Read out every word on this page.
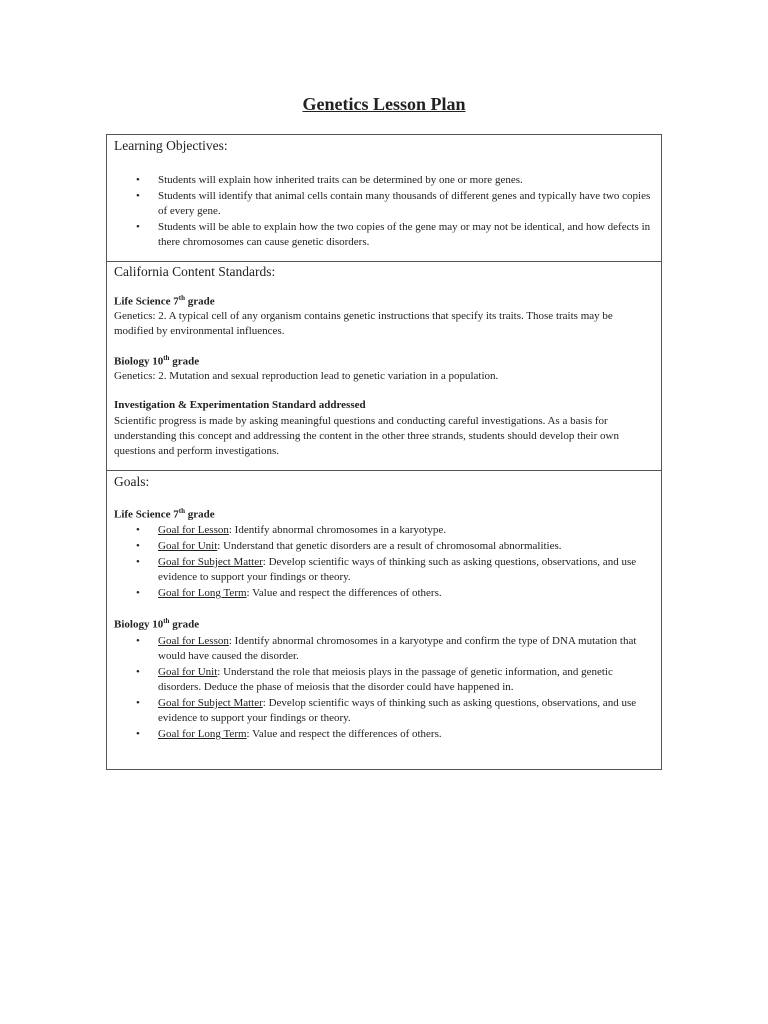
Genetics Lesson Plan
Learning Objectives:
• Students will explain how inherited traits can be determined by one or more genes.
• Students will identify that animal cells contain many thousands of different genes and typically have two copies of every gene.
• Students will be able to explain how the two copies of the gene may or may not be identical, and how defects in there chromosomes can cause genetic disorders.
California Content Standards:
Life Science 7th grade
Genetics: 2. A typical cell of any organism contains genetic instructions that specify its traits. Those traits may be modified by environmental influences.
Biology 10th grade
Genetics: 2. Mutation and sexual reproduction lead to genetic variation in a population.
Investigation & Experimentation Standard addressed
Scientific progress is made by asking meaningful questions and conducting careful investigations. As a basis for understanding this concept and addressing the content in the other three strands, students should develop their own questions and perform investigations.
Goals:
Life Science 7th grade
• Goal for Lesson: Identify abnormal chromosomes in a karyotype.
• Goal for Unit: Understand that genetic disorders are a result of chromosomal abnormalities.
• Goal for Subject Matter: Develop scientific ways of thinking such as asking questions, observations, and use evidence to support your findings or theory.
• Goal for Long Term: Value and respect the differences of others.
Biology 10th grade
• Goal for Lesson: Identify abnormal chromosomes in a karyotype and confirm the type of DNA mutation that would have caused the disorder.
• Goal for Unit: Understand the role that meiosis plays in the passage of genetic information, and genetic disorders. Deduce the phase of meiosis that the disorder could have happened in.
• Goal for Subject Matter: Develop scientific ways of thinking such as asking questions, observations, and use evidence to support your findings or theory.
• Goal for Long Term: Value and respect the differences of others.
